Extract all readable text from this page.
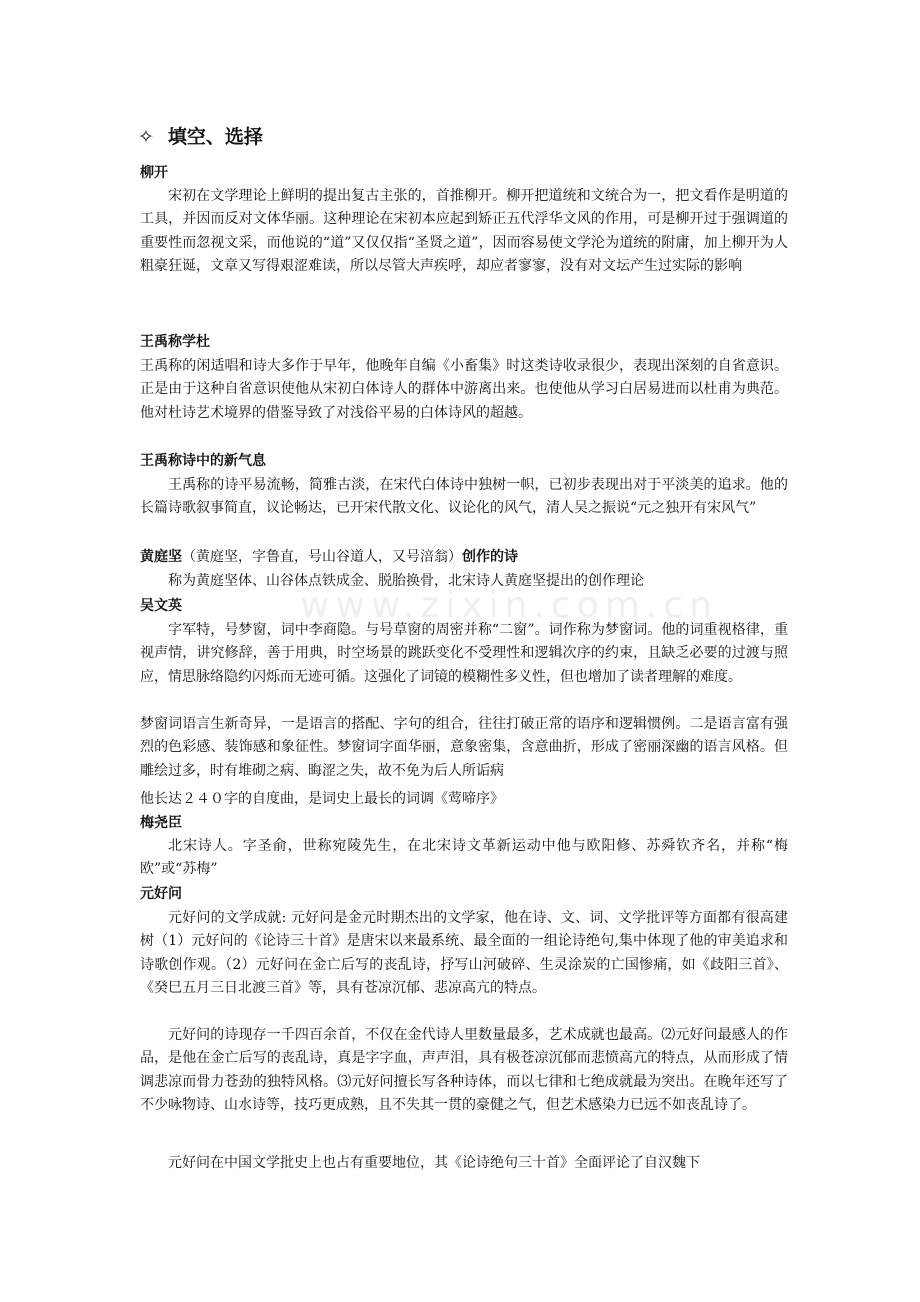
www.zixin.com.cn
✧ 填空、选择
柳开

宋初在文学理论上鲜明的提出复古主张的，首推柳开。柳开把道统和文统合为一，把文看作是明道的工具，并因而反对文体华丽。这种理论在宋初本应起到矫正五代浮华文风的作用，可是柳开过于强调道的重要性而忽视文采，而他说的“道”又仅仅指“圣贤之道”，因而容易使文学沦为道统的附庸，加上柳开为人粗豪狂诞，文章又写得艰涩难读，所以尽管大声疾呼，却应者寥寥，没有对文坛产生过实际的影响

王禹称学杜

王禹称的闲适唱和诗大多作于早年，他晚年自编《小畜集》时这类诗收录很少，表现出深刻的自省意识。正是由于这种自省意识使他从宋初白体诗人的群体中游离出来。也使他从学习白居易进而以杜甫为典范。他对杜诗艺术境界的借鉴导致了对浅俗平易的白体诗风的超越。

王禹称诗中的新气息

王禹称的诗平易流畅，简雅古淡，在宋代白体诗中独树一帜，已初步表现出对于平淡美的追求。他的长篇诗歌叙事简直，议论畅达，已开宋代散文化、议论化的风气，清人吴之振说“元之独开有宋风气”

黄庭坚（黄庭坚，字鲁直，号山谷道人，又号涪翁）创作的诗

称为黄庭坚体、山谷体点铁成金、脱胎换骨，北宋诗人黄庭坚提出的创作理论

吴文英

字军特，号梦窗，词中李商隐。与号草窗的周密并称“二窗”。词作称为梦窗词。他的词重视格律，重视声情，讲究修辞，善于用典，时空场景的跳跃变化不受理性和逻辑次序的约束，且缺乏必要的过渡与照应，情思脉络隐约闪烁而无迹可循。这强化了词镜的模糊性多义性，但也增加了读者理解的难度。

梦窗词语言生新奇异，一是语言的搭配、字句的组合，往往打破正常的语序和逻辑惯例。二是语言富有强烈的色彩感、装饰感和象征性。梦窗词字面华丽，意象密集，含意曲折，形成了密丽深幽的语言风格。但雕绘过多，时有堆砌之病、晦涩之失，故不免为后人所诟病

他长达２４０字的自度曲，是词史上最长的词调《莺啼序》

梅尧臣

北宋诗人。字圣俞，世称宛陵先生，在北宋诗文革新运动中他与欧阳修、苏舜钦齐名，并称“梅欧”或“苏梅”

元好问

元好问的文学成就: 元好问是金元时期杰出的文学家，他在诗、文、词、文学批评等方面都有很高建树（1）元好问的《论诗三十首》是唐宋以来最系统、最全面的一组论诗绝句,集中体现了他的审美追求和诗歌创作观。（2）元好问在金亡后写的丧乱诗，抒写山河破碎、生灵涂炭的亡国惨痛，如《歧阳三首》、《癸巳五月三日北渡三首》等，具有苍凉沉郁、悲凉高亢的特点。

元好问的诗现存一千四百余首，不仅在金代诗人里数量最多，艺术成就也最高。⑵元好问最感人的作品，是他在金亡后写的丧乱诗，真是字字血，声声泪，具有极苍凉沉郁而悲愤高亢的特点，从而形成了情调悲凉而骨力苍劲的独特风格。⑶元好问擅长写各种诗体，而以七律和七绝成就最为突出。在晚年还写了不少咏物诗、山水诗等，技巧更成熟，且不失其一贯的豪健之气，但艺术感染力已远不如丧乱诗了。

元好问在中国文学批史上也占有重要地位，其《论诗绝句三十首》全面评论了自汉魏下
